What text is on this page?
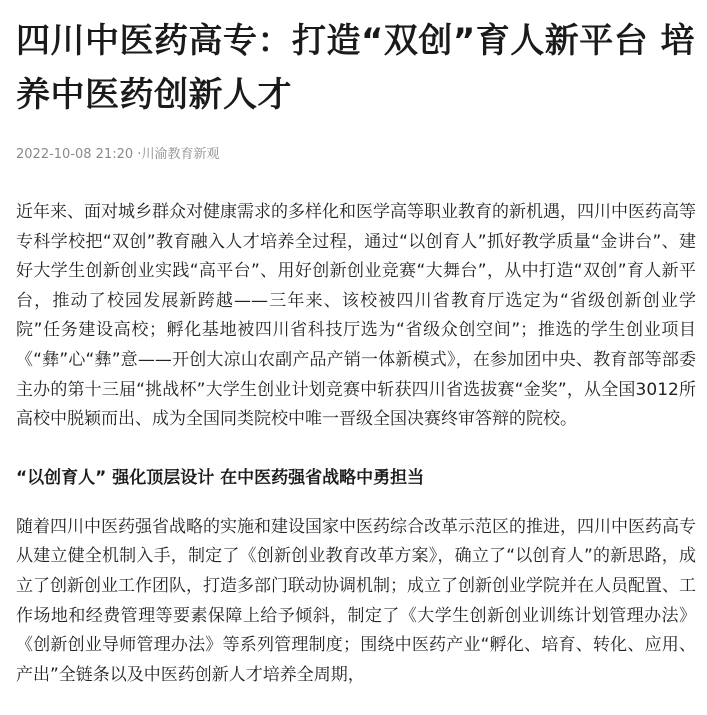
四川中医药高专：打造“双创”育人新平台 培养中医药创新人才
2022-10-08 21:20 ·川渝教育新观

近年来、面对城乡群众对健康需求的多样化和医学高等职业教育的新机遇，四川中医药高等专科学校把“双创”教育融入人才培养全过程，通过“以创育人”抓好教学质量“金讲台”、建好大学生创新创业实践“高平台”、用好创新创业竞赛“大舞台”，从中打造“双创”育人新平台，推动了校园发展新跨越——三年来、该校被四川省教育厅选定为“省级创新创业学院”任务建设高校；孵化基地被四川省科技厅选为“省级众创空间”；推选的学生创业项目《“彝”心“彝”意——开创大凉山农副产品产销一体新模式》，在参加团中央、教育部等部委主办的第十三届“挑战杯”大学生创业计划竞赛中斩获四川省选拔赛“金奖”，从全国3012所高校中脱颖而出、成为全国同类院校中唯一晋级全国决赛终审答辩的院校。

“以创育人” 强化顶层设计 在中医药强省战略中勇担当

随着四川中医药强省战略的实施和建设国家中医药综合改革示范区的推进，四川中医药高专从建立健全机制入手，制定了《创新创业教育改革方案》，确立了“以创育人”的新思路，成立了创新创业工作团队，打造多部门联动协调机制；成立了创新创业学院并在人员配置、工作场地和经费管理等要素保障上给予倾斜，制定了《大学生创新创业训练计划管理办法》《创新创业导师管理办法》等系列管理制度；围绕中医药产业“孵化、培育、转化、应用、产出”全链条以及中医药创新人才培养全周期，
